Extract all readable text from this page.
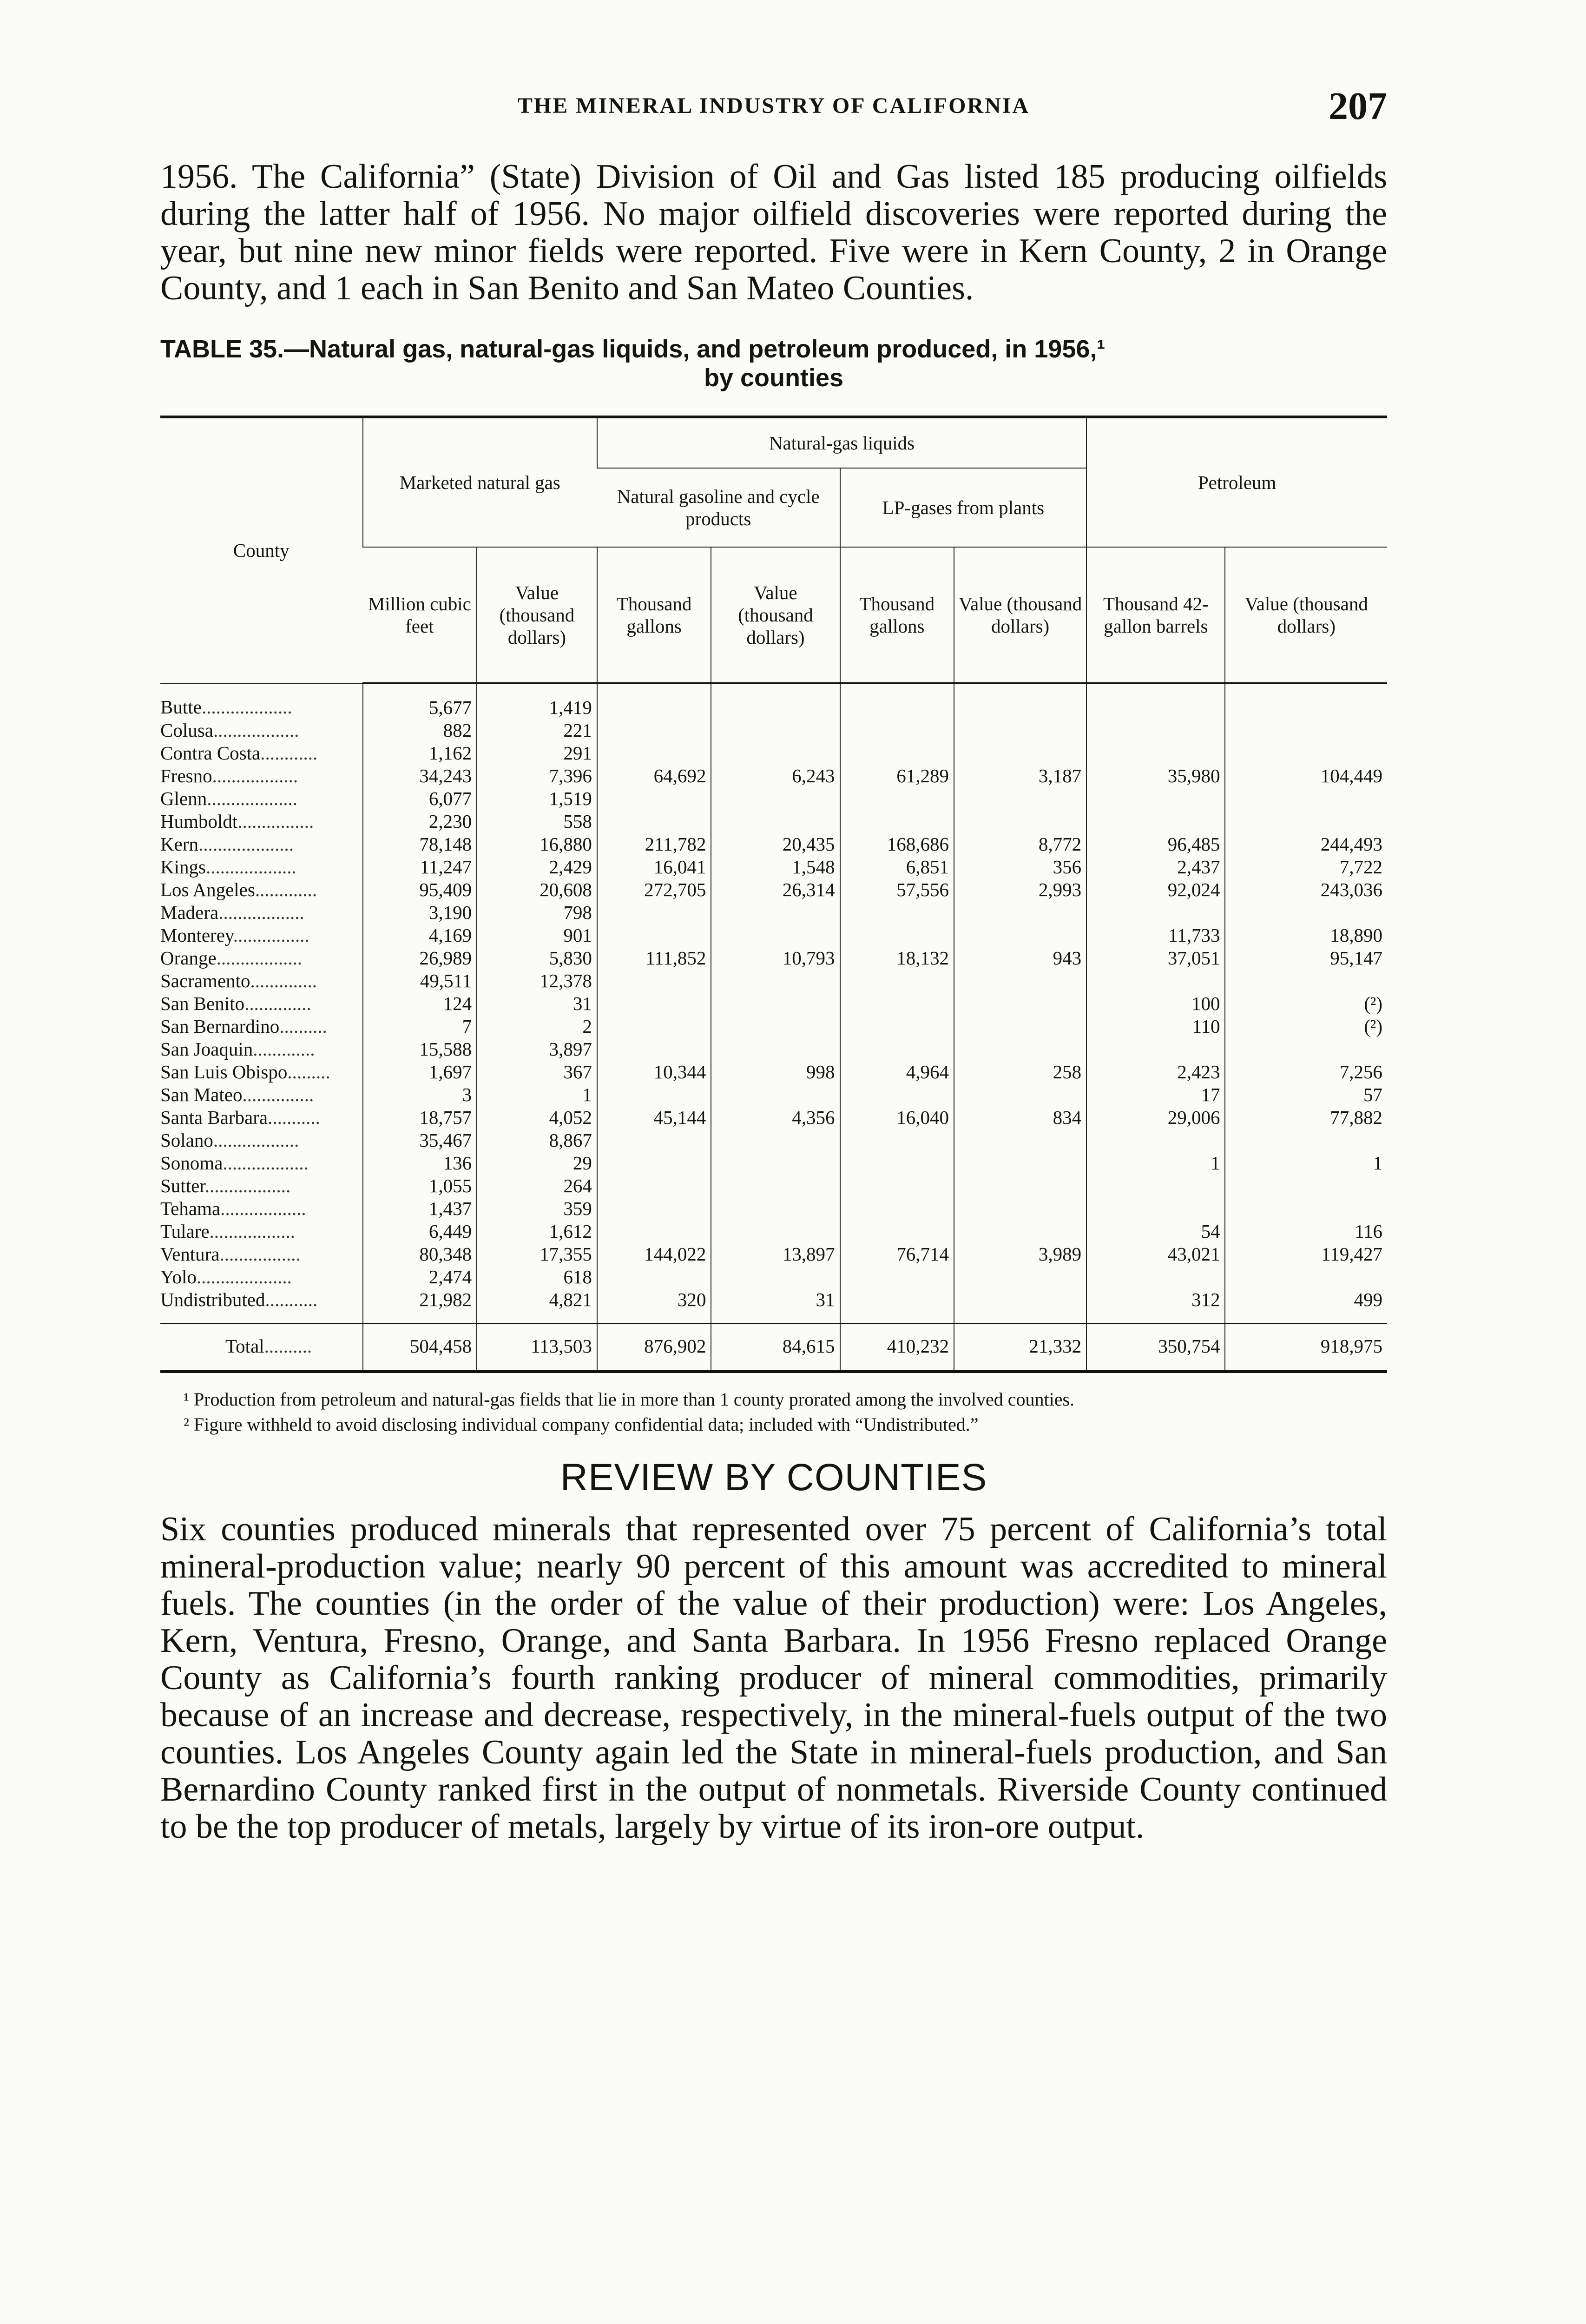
THE MINERAL INDUSTRY OF CALIFORNIA	207

1956. The California” (State) Division of Oil and Gas listed 185 producing oilfields during the latter half of 1956. No major oilfield discoveries were reported during the year, but nine new minor fields were reported. Five were in Kern County, 2 in Orange County, and 1 each in San Benito and San Mateo Counties.

TABLE 35.—Natural gas, natural-gas liquids, and petroleum produced, in 1956,¹
by counties
County	Marketed natural gas		Natural-gas liquids				Petroleum	
			Natural gasoline and cycle products		LP-gases from plants			
	Million cubic feet	Value (thousand dollars)	Thousand gallons	Value (thousand dollars)	Thousand gallons	Value (thousand dollars)	Thousand 42-gallon barrels	Value (thousand dollars)
Butte...................	5,677	1,419						
Colusa..................	882	221						
Contra Costa............	1,162	291						
Fresno..................	34,243	7,396	64,692	6,243	61,289	3,187	35,980	104,449
Glenn...................	6,077	1,519						
Humboldt................	2,230	558						
Kern....................	78,148	16,880	211,782	20,435	168,686	8,772	96,485	244,493
Kings...................	11,247	2,429	16,041	1,548	6,851	356	2,437	7,722
Los Angeles.............	95,409	20,608	272,705	26,314	57,556	2,993	92,024	243,036
Madera..................	3,190	798						
Monterey................	4,169	901					11,733	18,890
Orange..................	26,989	5,830	111,852	10,793	18,132	943	37,051	95,147
Sacramento..............	49,511	12,378						
San Benito..............	124	31					100	(²)
San Bernardino..........	7	2					110	(²)
San Joaquin.............	15,588	3,897						
San Luis Obispo.........	1,697	367	10,344	998	4,964	258	2,423	7,256
San Mateo...............	3	1					17	57
Santa Barbara...........	18,757	4,052	45,144	4,356	16,040	834	29,006	77,882
Solano..................	35,467	8,867						
Sonoma..................	136	29					1	1
Sutter..................	1,055	264						
Tehama..................	1,437	359						
Tulare..................	6,449	1,612					54	116
Ventura.................	80,348	17,355	144,022	13,897	76,714	3,989	43,021	119,427
Yolo....................	2,474	618						
Undistributed...........	21,982	4,821	320	31			312	499
Total..........	504,458	113,503	876,902	84,615	410,232	21,332	350,754	918,975

¹ Production from petroleum and natural-gas fields that lie in more than 1 county prorated among the involved counties.

² Figure withheld to avoid disclosing individual company confidential data; included with “Undistributed.”

REVIEW BY COUNTIES

Six counties produced minerals that represented over 75 percent of California’s total mineral-production value; nearly 90 percent of this amount was accredited to mineral fuels. The counties (in the order of the value of their production) were: Los Angeles, Kern, Ventura, Fresno, Orange, and Santa Barbara. In 1956 Fresno replaced Orange County as California’s fourth ranking producer of mineral commodities, primarily because of an increase and decrease, respectively, in the mineral-fuels output of the two counties. Los Angeles County again led the State in mineral-fuels production, and San Bernardino County ranked first in the output of nonmetals. Riverside County continued to be the top producer of metals, largely by virtue of its iron-ore output.
